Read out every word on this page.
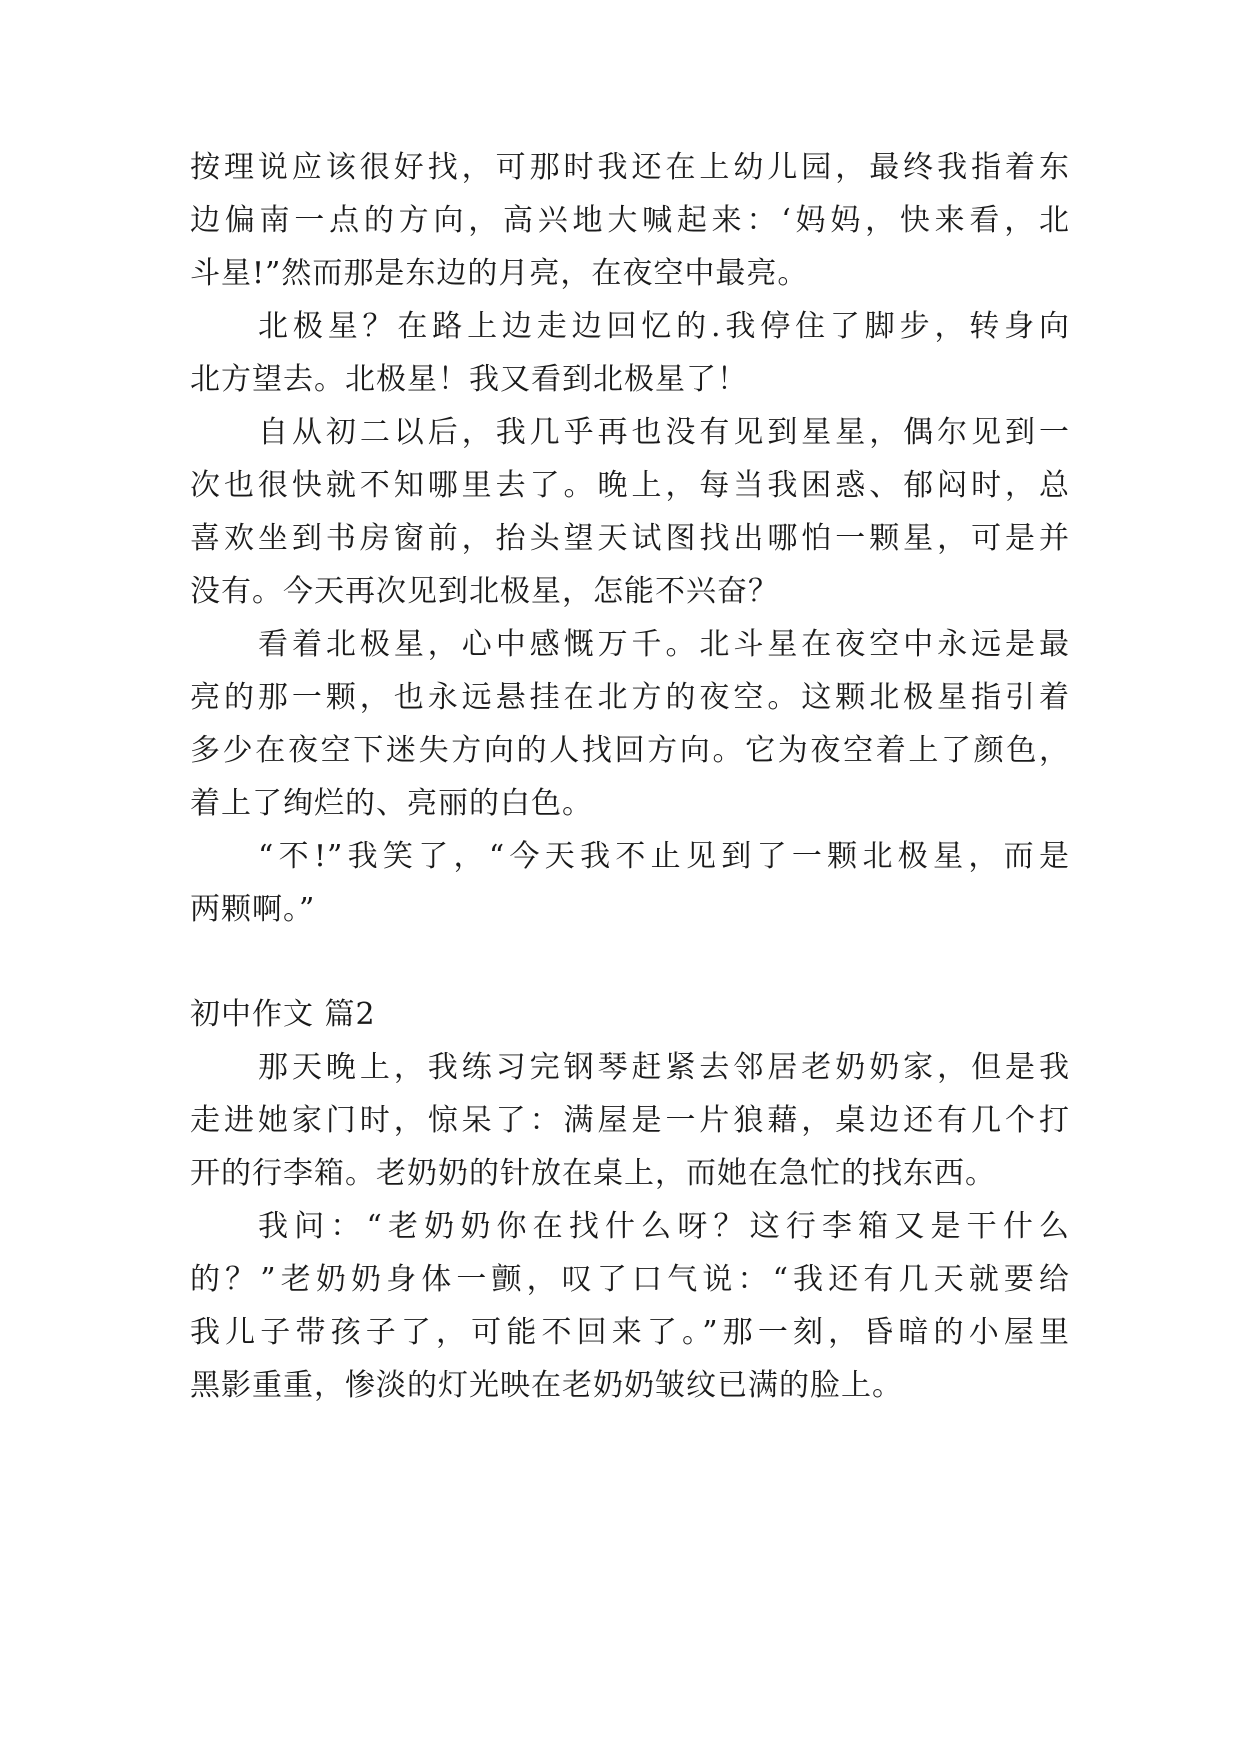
按理说应该很好找，可那时我还在上幼儿园，最终我指着东
边偏南一点的方向，高兴地大喊起来：‘妈妈，快来看，北
斗星!”然而那是东边的月亮，在夜空中最亮。
北极星？在路上边走边回忆的.我停住了脚步，转身向
北方望去。北极星！我又看到北极星了！
自从初二以后，我几乎再也没有见到星星，偶尔见到一
次也很快就不知哪里去了。晚上，每当我困惑、郁闷时，总
喜欢坐到书房窗前，抬头望天试图找出哪怕一颗星，可是并
没有。今天再次见到北极星，怎能不兴奋？
看着北极星，心中感慨万千。北斗星在夜空中永远是最
亮的那一颗，也永远悬挂在北方的夜空。这颗北极星指引着
多少在夜空下迷失方向的人找回方向。它为夜空着上了颜色，
着上了绚烂的、亮丽的白色。
“不!”我笑了，“今天我不止见到了一颗北极星，而是
两颗啊。”
初中作文 篇2
那天晚上，我练习完钢琴赶紧去邻居老奶奶家，但是我
走进她家门时，惊呆了：满屋是一片狼藉，桌边还有几个打
开的行李箱。老奶奶的针放在桌上，而她在急忙的找东西。
我问：“老奶奶你在找什么呀？这行李箱又是干什么
的？”老奶奶身体一颤，叹了口气说：“我还有几天就要给
我儿子带孩子了，可能不回来了。”那一刻，昏暗的小屋里
黑影重重，惨淡的灯光映在老奶奶皱纹已满的脸上。
